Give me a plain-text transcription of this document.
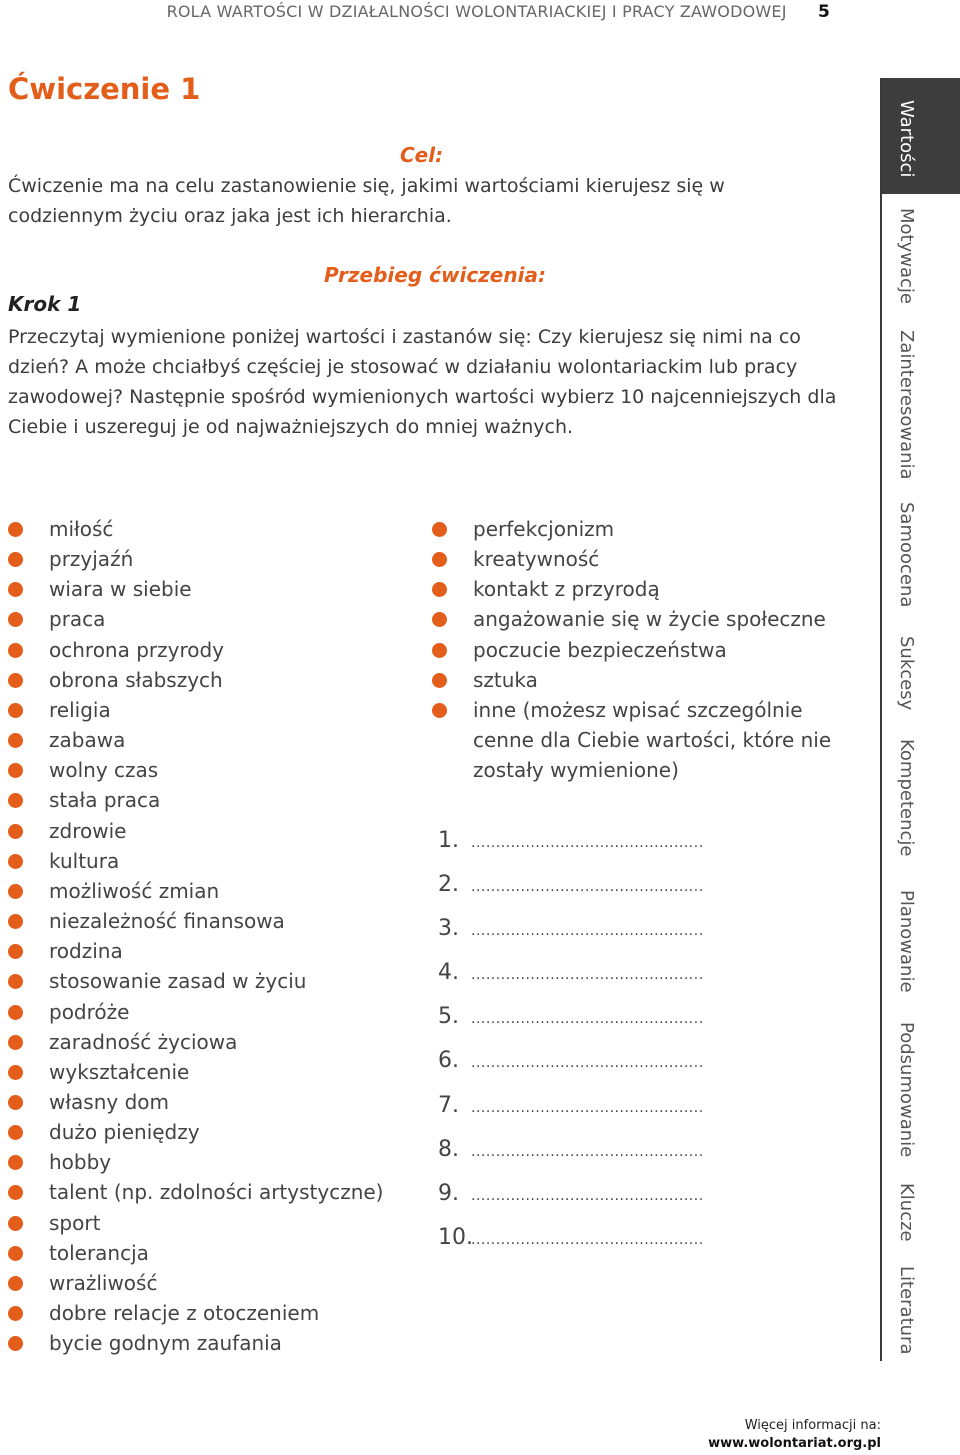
ROLA WARTOŚCI W DZIAŁALNOŚCI WOLONTARIACKIEJ I PRACY ZAWODOWEJ 5
Ćwiczenie 1
Cel:
Ćwiczenie ma na celu zastanowienie się, jakimi wartościami kierujesz się w codziennym życiu oraz jaka jest ich hierarchia.
Przebieg ćwiczenia:
Krok 1
Przeczytaj wymienione poniżej wartości i zastanów się: Czy kierujesz się nimi na co dzień? A może chciałbyś częściej je stosować w działaniu wolontariackim lub pracy zawodowej? Następnie spośród wymienionych wartości wybierz 10 najcenniejszych dla Ciebie i uszereguj je od najważniejszych do mniej ważnych.
miłość
przyjaźń
wiara w siebie
praca
ochrona przyrody
obrona słabszych
religia
zabawa
wolny czas
stała praca
zdrowie
kultura
możliwość zmian
niezależność finansowa
rodzina
stosowanie zasad w życiu
podróże
zaradność życiowa
wykształcenie
własny dom
dużo pieniędzy
hobby
talent (np. zdolności artystyczne)
sport
tolerancja
wrażliwość
dobre relacje z otoczeniem
bycie godnym zaufania
perfekcjonizm
kreatywność
kontakt z przyrodą
angażowanie się w życie społeczne
poczucie bezpieczeństwa
sztuka
inne (możesz wpisać szczególnie cenne dla Ciebie wartości, które nie zostały wymienione)
1. ...............................................
2. ...............................................
3. ...............................................
4. ...............................................
5. ...............................................
6. ...............................................
7. ...............................................
8. ...............................................
9. ...............................................
10.
...............................................
Wartości
Motywacje
Zainteresowania
Samoocena
Sukcesy
Kompetencje
Planowanie
Podsumowanie
Klucze
Literatura
Więcej informacji na:
www.wolontariat.org.pl
